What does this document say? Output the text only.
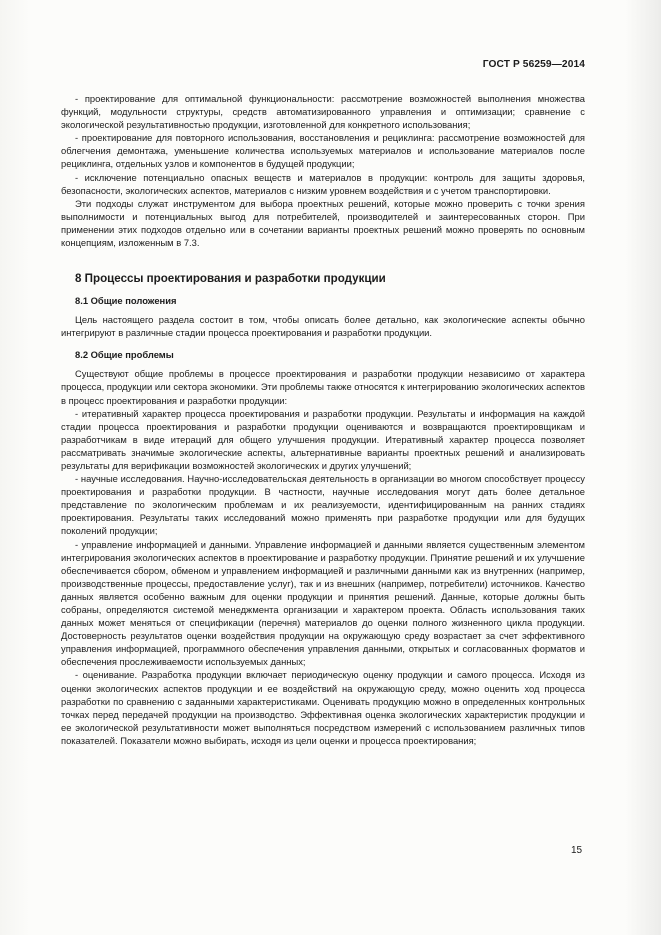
ГОСТ Р 56259—2014

- проектирование для оптимальной функциональности: рассмотрение возможностей выполнения множества функций, модульности структуры, средств автоматизированного управления и оптимизации; сравнение с экологической результативностью продукции, изготовленной для конкретного использования;

- проектирование для повторного использования, восстановления и рециклинга: рассмотрение возможностей для облегчения демонтажа, уменьшение количества используемых материалов и использование материалов после рециклинга, отдельных узлов и компонентов в будущей продукции;

- исключение потенциально опасных веществ и материалов в продукции: контроль для защиты здоровья, безопасности, экологических аспектов, материалов с низким уровнем воздействия и с учетом транспортировки.

Эти подходы служат инструментом для выбора проектных решений, которые можно проверить с точки зрения выполнимости и потенциальных выгод для потребителей, производителей и заинтересованных сторон. При применении этих подходов отдельно или в сочетании варианты проектных решений можно проверять по основным концепциям, изложенным в 7.3.

8 Процессы проектирования и разработки продукции
8.1 Общие положения

Цель настоящего раздела состоит в том, чтобы описать более детально, как экологические аспекты обычно интегрируют в различные стадии процесса проектирования и разработки продукции.

8.2 Общие проблемы

Существуют общие проблемы в процессе проектирования и разработки продукции независимо от характера процесса, продукции или сектора экономики. Эти проблемы также относятся к интегрированию экологических аспектов в процесс проектирования и разработки продукции:

- итеративный характер процесса проектирования и разработки продукции. Результаты и информация на каждой стадии процесса проектирования и разработки продукции оцениваются и возвращаются проектировщикам и разработчикам в виде итераций для общего улучшения продукции. Итеративный характер процесса позволяет рассматривать значимые экологические аспекты, альтернативные варианты проектных решений и анализировать результаты для верификации возможностей экологических и других улучшений;

- научные исследования. Научно-исследовательская деятельность в организации во многом способствует процессу проектирования и разработки продукции. В частности, научные исследования могут дать более детальное представление по экологическим проблемам и их реализуемости, идентифицированным на ранних стадиях проектирования. Результаты таких исследований можно применять при разработке продукции или для будущих поколений продукции;

- управление информацией и данными. Управление информацией и данными является существенным элементом интегрирования экологических аспектов в проектирование и разработку продукции. Принятие решений и их улучшение обеспечивается сбором, обменом и управлением информацией и различными данными как из внутренних (например, производственные процессы, предоставление услуг), так и из внешних (например, потребители) источников. Качество данных является особенно важным для оценки продукции и принятия решений. Данные, которые должны быть собраны, определяются системой менеджмента организации и характером проекта. Область использования таких данных может меняться от спецификации (перечня) материалов до оценки полного жизненного цикла продукции. Достоверность результатов оценки воздействия продукции на окружающую среду возрастает за счет эффективного управления информацией, программного обеспечения управления данными, открытых и согласованных форматов и обеспечения прослеживаемости используемых данных;

- оценивание. Разработка продукции включает периодическую оценку продукции и самого процесса. Исходя из оценки экологических аспектов продукции и ее воздействий на окружающую среду, можно оценить ход процесса разработки по сравнению с заданными характеристиками. Оценивать продукцию можно в определенных контрольных точках перед передачей продукции на производство. Эффективная оценка экологических характеристик продукции и ее экологической результативности может выполняться посредством измерений с использованием различных типов показателей. Показатели можно выбирать, исходя из цели оценки и процесса проектирования;

15
